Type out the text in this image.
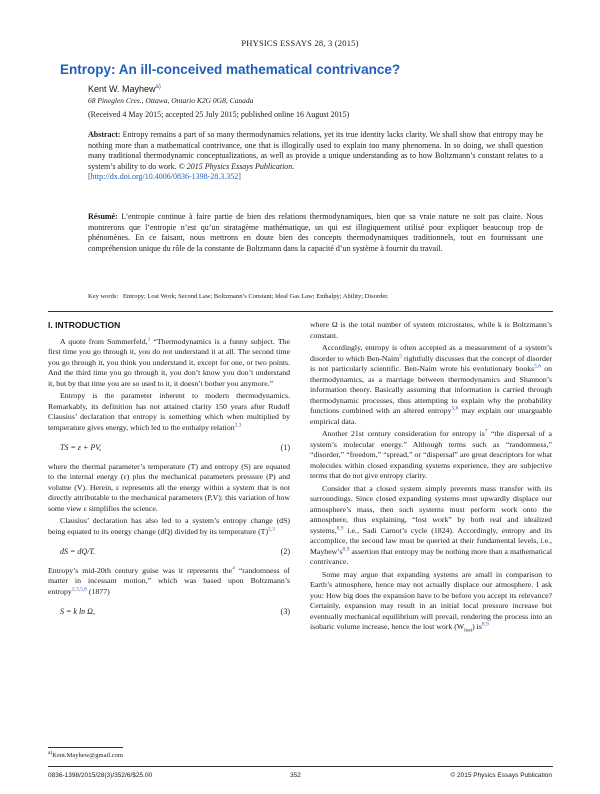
PHYSICS ESSAYS 28, 3 (2015)
Entropy: An ill-conceived mathematical contrivance?
Kent W. Mayhew$^{a)}$
68 Pineglen Cres., Ottawa, Ontario K2G 0G8, Canada
(Received 4 May 2015; accepted 25 July 2015; published online 16 August 2015)
Abstract: Entropy remains a part of so many thermodynamics relations, yet its true identity lacks clarity. We shall show that entropy may be nothing more than a mathematical contrivance, one that is illogically used to explain too many phenomena. In so doing, we shall question many traditional thermodynamic conceptualizations, as well as provide a unique understanding as to how Boltzmann’s constant relates to a system’s ability to do work. © 2015 Physics Essays Publication.
[http://dx.doi.org/10.4006/0836-1398-28.3.352]
Résumé: L’entropie continue à faire partie de bien des relations thermodynamiques, bien que sa vraie nature ne soit pas claire. Nous montrerons que l’entropie n’est qu’un stratagème mathématique, un qui est illogiquement utilisé pour expliquer beaucoup trop de phénomènes. En ce faisant, nous mettrons en doute bien des concepts thermodynamiques traditionnels, tout en fournissant une compréhension unique du rôle de la constante de Boltzmann dans la capacité d’un système à fournir du travail.
Key words: Entropy; Lost Work; Second Law; Boltzmann’s Constant; Ideal Gas Law; Enthalpy; Ability; Disorder.
I. INTRODUCTION

A quote from Sommerfeld,$^1$ “Thermodynamics is a funny subject. The first time you go through it, you do not understand it at all. The second time you go through it, you think you understand it, except for one, or two points. And the third time you go through it, you don’t know you don’t understand it, but by that time you are so used to it, it doesn’t bother you anymore.”

Entropy is the parameter inherent to modern thermodynamics. Remarkably, its definition has not attained clarity 150 years after Rudolf Clausius’ declaration that entropy is something which when multiplied by temperature gives energy, which led to the enthalpy relation$^{2,3}$

TS = ε + PV,	(1)

where the thermal parameter’s temperature (T) and entropy (S) are equated to the internal energy (ε) plus the mechanical parameters pressure (P) and volume (V). Herein, ε represents all the energy within a system that is not directly attributable to the mechanical parameters (P,V); this variation of how some view ε simplifies the science.

Clausius’ declaration has also led to a system’s entropy change (dS) being equated to its energy change (dQ) divided by its temperature $(T)^{2,3}$

dS = dQ/T.	(2)

Entropy’s mid-20th century guise was it represents the$^4$ “randomness of matter in incessant motion,” which was based upon Boltzmann’s entropy$^{2,3,5,6}$ (1877)

S = k ln Ω,	(3)

where Ω is the total number of system microstates, while k is Boltzmann’s constant.

Accordingly, entropy is often accepted as a measurement of a system’s disorder to which Ben-Naim$^5$ rightfully discusses that the concept of disorder is not particularly scientific. Ben-Naim wrote his evolutionary books$^{5,6}$ on thermodynamics, as a marriage between thermodynamics and Shannon’s information theory. Basically assuming that information is carried through thermodynamic processes, thus attempting to explain why the probability functions combined with an altered entropy$^{5,6}$ may explain our unarguable empirical data.

Another 21st century consideration for entropy $is^7$ “the dispersal of a system’s molecular energy.” Although terms such as “randomness,” “disorder,” “freedom,” “spread,” or “dispersal” are great descriptors for what molecules within closed expanding systems experience, they are subjective terms that do not give entropy clarity.

Consider that a closed system simply prevents mass transfer with its surroundings. Since closed expanding systems must upwardly displace our atmosphere’s mass, then such systems must perform work onto the atmosphere, thus explaining, “lost work” by both real and idealized systems,$^{8,9}$ i.e., Sadi Carnot’s cycle (1824). Accordingly, entropy and its accomplice, the second law must be queried at their fundamental levels, i.e., $Mayhew’s^{8,9}$ assertion that entropy may be nothing more than a mathematical contrivance.

Some may argue that expanding systems are small in comparison to Earth’s atmosphere, hence may not actually displace our atmosphere. I ask you: How big does the expansion have to be before you accept its relevance? Certainly, expansion may result in an initial local pressure increase but eventually mechanical equilibrium will prevail, rendering the process into an isobaric volume increase, hence the lost work $(W_{lost})$ is$^{8,9}$

$^{a)}$Kent.Mayhew@gmail.com
0836-1398/2015/28(3)/352/6/$25.00	352	© 2015 Physics Essays Publication
